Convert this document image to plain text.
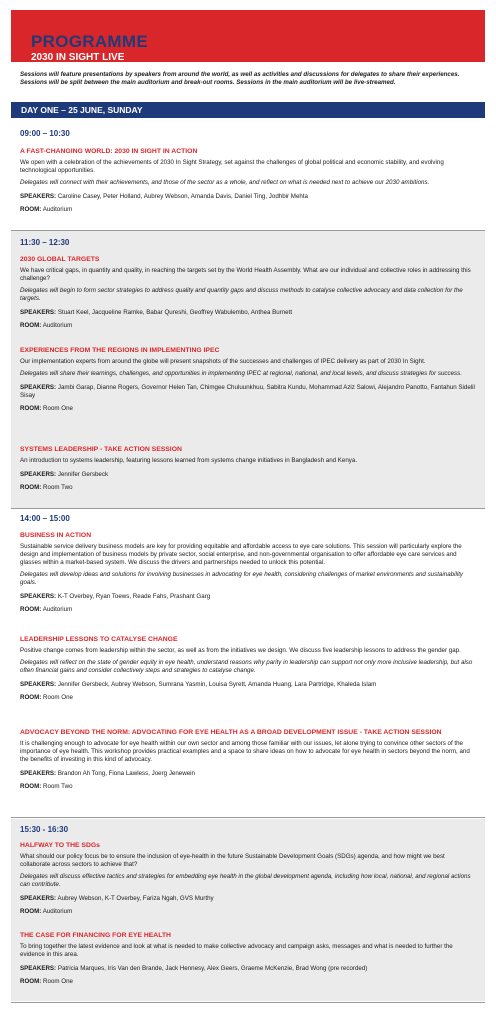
PROGRAMME
2030 IN SIGHT LIVE
Sessions will feature presentations by speakers from around the world, as well as activities and discussions for delegates to share their experiences. Sessions will be split between the main auditorium and break-out rooms. Sessions in the main auditorium will be live-streamed.
DAY ONE – 25 JUNE, SUNDAY
09:00 – 10:30
A FAST-CHANGING WORLD: 2030 IN SIGHT IN ACTION
We open with a celebration of the achievements of 2030 In Sight Strategy, set against the challenges of global political and economic stability, and evolving technological opportunities.
Delegates will connect with their achievements, and those of the sector as a whole, and reflect on what is needed next to achieve our 2030 ambitions.
SPEAKERS: Caroline Casey, Peter Holland, Aubrey Webson, Amanda Davis, Daniel Ting, Jodhbir Mehta
ROOM: Auditorium
11:30 – 12:30
2030 GLOBAL TARGETS
We have critical gaps, in quantity and quality, in reaching the targets set by the World Health Assembly. What are our individual and collective roles in addressing this challenge?
Delegates will begin to form sector strategies to address quality and quantity gaps and discuss methods to catalyse collective advocacy and data collection for the targets.
SPEAKERS: Stuart Keel, Jacqueline Ramke, Babar Qureshi, Geoffrey Wabulembo, Anthea Burnett
ROOM: Auditorium
EXPERIENCES FROM THE REGIONS IN IMPLEMENTING IPEC
Our implementation experts from around the globe will present snapshots of the successes and challenges of IPEC delivery as part of 2030 In Sight.
Delegates will share their learnings, challenges, and opportunities in implementing IPEC at regional, national, and local levels, and discuss strategies for success.
SPEAKERS: Jambi Garap, Dianne Rogers, Governor Helen Tan, Chimgee Chuluunkhuu, Sabitra Kundu, Mohammad Aziz Salowi, Alejandro Panotto, Fantahun Sidelil Sisay
ROOM: Room One
SYSTEMS LEADERSHIP - TAKE ACTION SESSION
An introduction to systems leadership, featuring lessons learned from systems change initiatives in Bangladesh and Kenya.
SPEAKERS: Jennifer Gersbeck
ROOM: Room Two
14:00 – 15:00
BUSINESS IN ACTION
Sustainable service delivery business models are key for providing equitable and affordable access to eye care solutions. This session will particularly explore the design and implementation of business models by private sector, social enterprise, and non-governmental organisation to offer affordable eye care services and glasses within a market-based system. We discuss the drivers and partnerships needed to unlock this potential.
Delegates will develop ideas and solutions for involving businesses in advocating for eye health, considering challenges of market environments and sustainability goals.
SPEAKERS: K-T Overbey, Ryan Toews, Reade Fahs, Prashant Garg
ROOM: Auditorium
LEADERSHIP LESSONS TO CATALYSE CHANGE
Positive change comes from leadership within the sector, as well as from the initiatives we design. We discuss five leadership lessons to address the gender gap.
Delegates will reflect on the state of gender equity in eye health, understand reasons why parity in leadership can support not only more inclusive leadership, but also often financial gains and consider collectively steps and strategies to catalyse change.
SPEAKERS: Jennifer Gersbeck, Aubrey Webson, Sumrana Yasmin, Louisa Syrett, Amanda Huang, Lara Partridge, Khaleda Islam
ROOM: Room One
ADVOCACY BEYOND THE NORM: ADVOCATING FOR EYE HEALTH AS A BROAD DEVELOPMENT ISSUE - TAKE ACTION SESSION
It is challenging enough to advocate for eye health within our own sector and among those familiar with our issues, let alone trying to convince other sectors of the importance of eye health. This workshop provides practical examples and a space to share ideas on how to advocate for eye health in sectors beyond the norm, and the benefits of investing in this kind of advocacy.
SPEAKERS: Brandon Ah Tong, Fiona Lawless, Joerg Jenewein
ROOM: Room Two
15:30 - 16:30
HALFWAY TO THE SDGs
What should our policy focus be to ensure the inclusion of eye-health in the future Sustainable Development Goals (SDGs) agenda, and how might we best collaborate across sectors to achieve that?
Delegates will discuss effective tactics and strategies for embedding eye health in the global development agenda, including how local, national, and regional actions can contribute.
SPEAKERS: Aubrey Webson, K-T Overbey, Fariza Ngah, GVS Murthy
ROOM: Auditorium
THE CASE FOR FINANCING FOR EYE HEALTH
To bring together the latest evidence and look at what is needed to make collective advocacy and campaign asks, messages and what is needed to further the evidence in this area.
SPEAKERS: Patricia Marques, Iris Van den Brande, Jack Hennesy, Alex Geers, Graeme McKenzie, Brad Wong (pre recorded)
ROOM: Room One
